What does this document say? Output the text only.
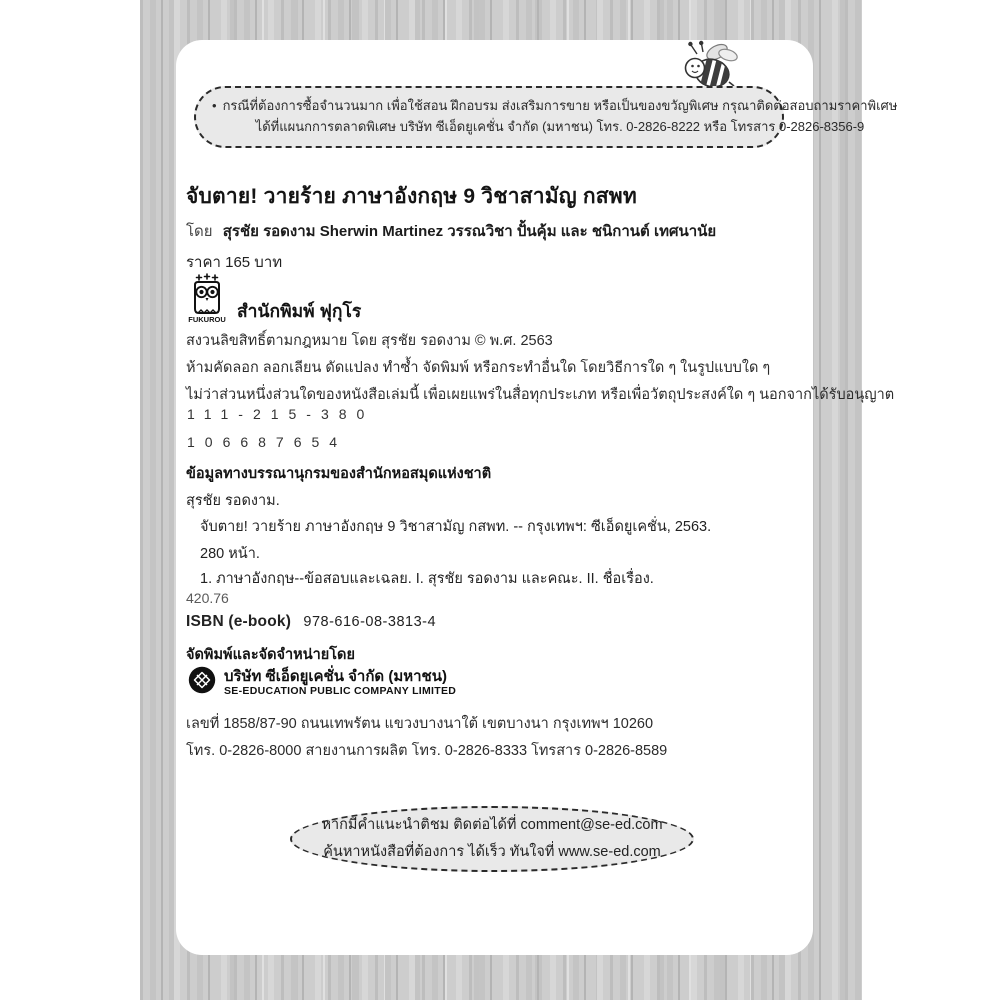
• กรณีที่ต้องการซื้อจำนวนมาก เพื่อใช้สอน ฝึกอบรม ส่งเสริมการขาย หรือเป็นของขวัญพิเศษ กรุณาติดต่อสอบถามราคาพิเศษ
ได้ที่แผนกการตลาดพิเศษ บริษัท ซีเอ็ดยูเคชั่น จำกัด (มหาชน) โทร. 0-2826-8222 หรือ โทรสาร 0-2826-8356-9
จับตาย! วายร้าย ภาษาอังกฤษ 9 วิชาสามัญ กสพท
โดย สุรชัย รอดงาม Sherwin Martinez วรรณวิชา ปั้นคุ้ม และ ชนิกานต์ เทศนานัย
ราคา 165 บาท
FUKUROU สำนักพิมพ์ ฟุกุโร
สงวนลิขสิทธิ์ตามกฎหมาย โดย สุรชัย รอดงาม © พ.ศ. 2563
ห้ามคัดลอก ลอกเลียน ดัดแปลง ทำซ้ำ จัดพิมพ์ หรือกระทำอื่นใด โดยวิธีการใด ๆ ในรูปแบบใด ๆ
ไม่ว่าส่วนหนึ่งส่วนใดของหนังสือเล่มนี้ เพื่อเผยแพร่ในสื่อทุกประเภท หรือเพื่อวัตถุประสงค์ใด ๆ นอกจากได้รับอนุญาต
111-215-380
106687654
ข้อมูลทางบรรณานุกรมของสำนักหอสมุดแห่งชาติ
สุรชัย รอดงาม.
จับตาย! วายร้าย ภาษาอังกฤษ 9 วิชาสามัญ กสพท. -- กรุงเทพฯ: ซีเอ็ดยูเคชั่น, 2563.
280 หน้า.
1. ภาษาอังกฤษ--ข้อสอบและเฉลย. I. สุรชัย รอดงาม และคณะ. II. ชื่อเรื่อง.
420.76
ISBN (e-book) 978-616-08-3813-4
จัดพิมพ์และจัดจำหน่ายโดย
บริษัท ซีเอ็ดยูเคชั่น จำกัด (มหาชน)
SE-EDUCATION PUBLIC COMPANY LIMITED
เลขที่ 1858/87-90 ถนนเทพรัตน แขวงบางนาใต้ เขตบางนา กรุงเทพฯ 10260
โทร. 0-2826-8000 สายงานการผลิต โทร. 0-2826-8333 โทรสาร 0-2826-8589
หากมีคำแนะนำติชม ติดต่อได้ที่ comment@se-ed.com
ค้นหาหนังสือที่ต้องการ ได้เร็ว ทันใจที่ www.se-ed.com
